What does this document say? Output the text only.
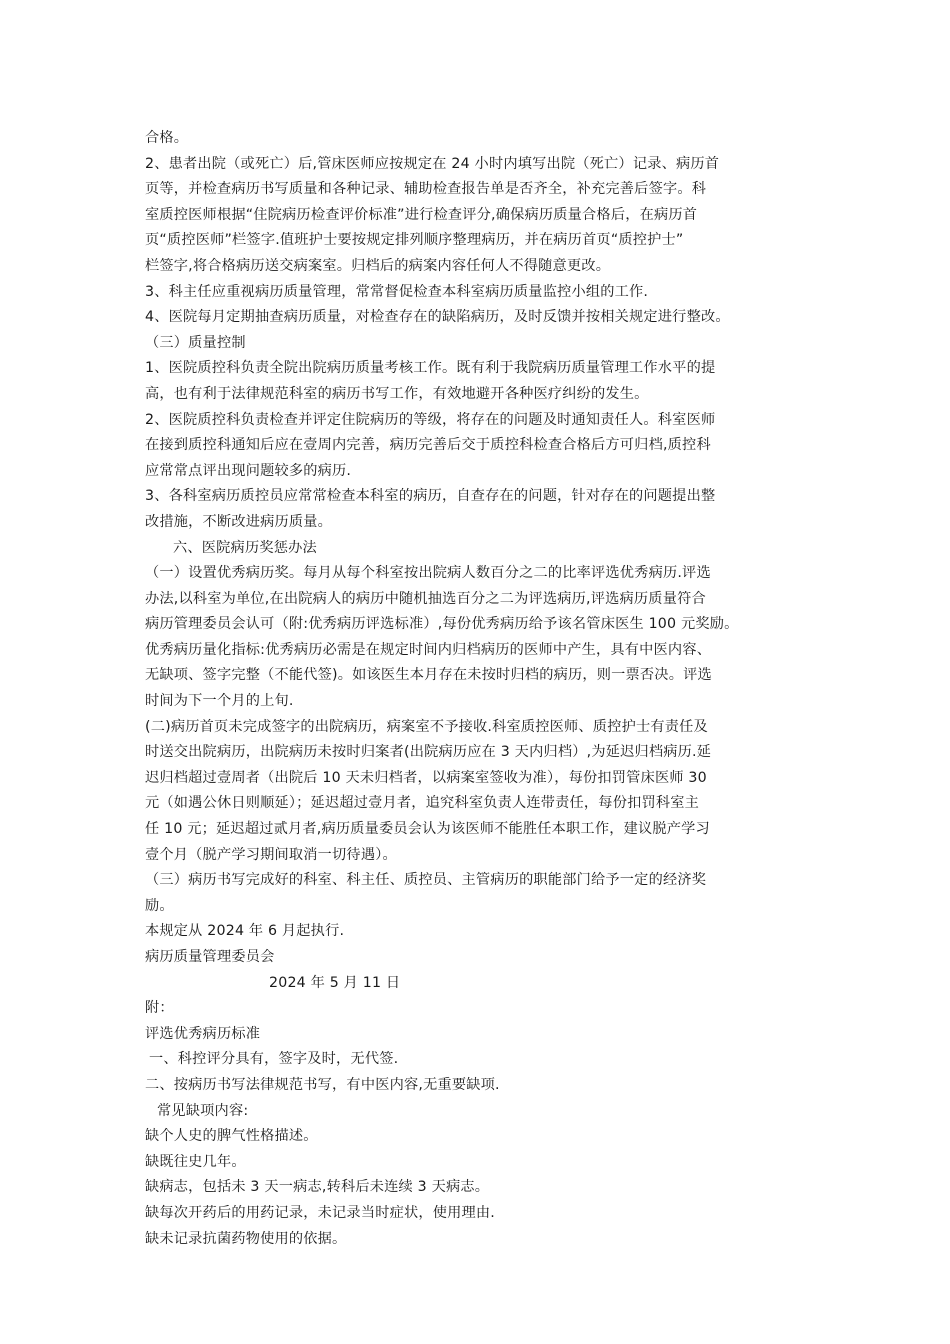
合格。
2、患者出院（或死亡）后,管床医师应按规定在 24 小时内填写出院（死亡）记录、病历首
页等，并检查病历书写质量和各种记录、辅助检查报告单是否齐全，补充完善后签字。科
室质控医师根据“住院病历检查评价标准”进行检查评分,确保病历质量合格后，在病历首
页“质控医师”栏签字.值班护士要按规定排列顺序整理病历，并在病历首页“质控护士”
栏签字,将合格病历送交病案室。归档后的病案内容任何人不得随意更改。
3、科主任应重视病历质量管理，常常督促检查本科室病历质量监控小组的工作.
4、医院每月定期抽查病历质量，对检查存在的缺陷病历，及时反馈并按相关规定进行整改。
（三）质量控制
1、医院质控科负责全院出院病历质量考核工作。既有利于我院病历质量管理工作水平的提
高，也有利于法律规范科室的病历书写工作，有效地避开各种医疗纠纷的发生。
2、医院质控科负责检查并评定住院病历的等级，将存在的问题及时通知责任人。科室医师
在接到质控科通知后应在壹周内完善，病历完善后交于质控科检查合格后方可归档,质控科
应常常点评出现问题较多的病历.
3、各科室病历质控员应常常检查本科室的病历，自查存在的问题，针对存在的问题提出整
改措施，不断改进病历质量。
六、医院病历奖惩办法
（一）设置优秀病历奖。每月从每个科室按出院病人数百分之二的比率评选优秀病历.评选
办法,以科室为单位,在出院病人的病历中随机抽选百分之二为评选病历,评选病历质量符合
病历管理委员会认可（附:优秀病历评选标准）,每份优秀病历给予该名管床医生 100 元奖励。
优秀病历量化指标:优秀病历必需是在规定时间内归档病历的医师中产生，具有中医内容、
无缺项、签字完整（不能代签)。如该医生本月存在未按时归档的病历，则一票否决。评选
时间为下一个月的上旬.
(二)病历首页未完成签字的出院病历，病案室不予接收.科室质控医师、质控护士有责任及
时送交出院病历，出院病历未按时归案者(出院病历应在 3 天内归档）,为延迟归档病历.延
迟归档超过壹周者（出院后 10 天未归档者，以病案室签收为准），每份扣罚管床医师 30
元（如遇公休日则顺延）；延迟超过壹月者，追究科室负责人连带责任，每份扣罚科室主
任 10 元；延迟超过贰月者,病历质量委员会认为该医师不能胜任本职工作，建议脱产学习
壹个月（脱产学习期间取消一切待遇）。
（三）病历书写完成好的科室、科主任、质控员、主管病历的职能部门给予一定的经济奖
励。
本规定从 2024 年 6 月起执行.
病历质量管理委员会
2024 年 5 月 11 日
附：
评选优秀病历标准
一、科控评分具有，签字及时，无代签.
二、按病历书写法律规范书写，有中医内容,无重要缺项.
常见缺项内容:
缺个人史的脾气性格描述。
缺既往史几年。
缺病志，包括未 3 天一病志,转科后未连续 3 天病志。
缺每次开药后的用药记录，未记录当时症状，使用理由.
缺未记录抗菌药物使用的依据。
